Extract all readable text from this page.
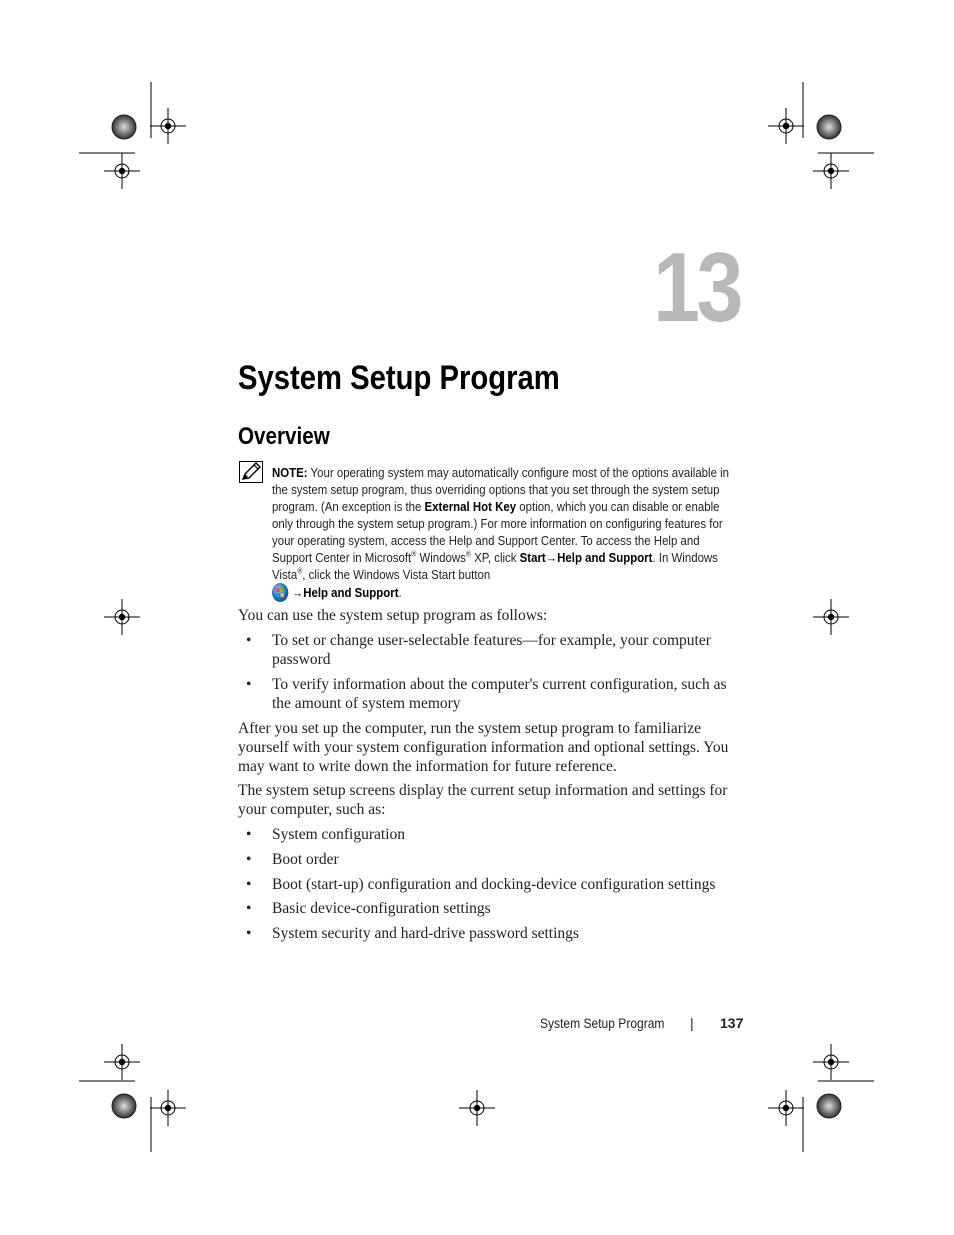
13
System Setup Program
Overview
NOTE: Your operating system may automatically configure most of the options available in the system setup program, thus overriding options that you set through the system setup program. (An exception is the External Hot Key option, which you can disable or enable only through the system setup program.) For more information on configuring features for your operating system, access the Help and Support Center. To access the Help and Support Center in Microsoft® Windows® XP, click Start→Help and Support. In Windows Vista®, click the Windows Vista Start button

→Help and Support.
You can use the system setup program as follows:
• To set or change user-selectable features—for example, your computer password
• To verify information about the computer's current configuration, such as the amount of system memory
After you set up the computer, run the system setup program to familiarize yourself with your system configuration information and optional settings. You may want to write down the information for future reference.
The system setup screens display the current setup information and settings for your computer, such as:
• System configuration
• Boot order
• Boot (start-up) configuration and docking-device configuration settings
• Basic device-configuration settings
• System security and hard-drive password settings
System Setup Program | 137
